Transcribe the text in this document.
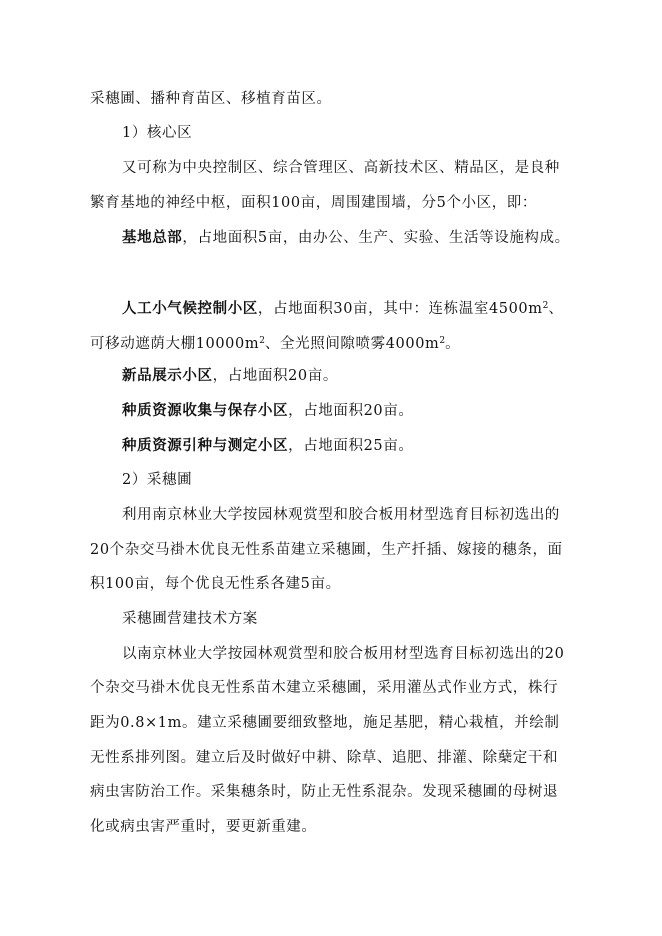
采穗圃、播种育苗区、移植育苗区。
1）核心区
又可称为中央控制区、综合管理区、高新技术区、精品区，是良种
繁育基地的神经中枢，面积100亩，周围建围墙，分5个小区，即：
基地总部，占地面积5亩，由办公、生产、实验、生活等设施构成。
人工小气候控制小区，占地面积30亩，其中：连栋温室$4500m^2$、
可移动遮荫大棚$10000m^2$、全光照间隙喷雾$4000m^2$。
新品展示小区，占地面积20亩。
种质资源收集与保存小区，占地面积20亩。
种质资源引种与测定小区，占地面积25亩。
2）采穗圃
利用南京林业大学按园林观赏型和胶合板用材型选育目标初选出的
20个杂交马褂木优良无性系苗建立采穗圃，生产扦插、嫁接的穗条，面
积100亩，每个优良无性系各建5亩。
采穗圃营建技术方案
以南京林业大学按园林观赏型和胶合板用材型选育目标初选出的20
个杂交马褂木优良无性系苗木建立采穗圃，采用灌丛式作业方式，株行
距为0.8×1m。建立采穗圃要细致整地，施足基肥，精心栽植，并绘制
无性系排列图。建立后及时做好中耕、除草、追肥、排灌、除蘖定干和
病虫害防治工作。采集穗条时，防止无性系混杂。发现采穗圃的母树退
化或病虫害严重时，要更新重建。
